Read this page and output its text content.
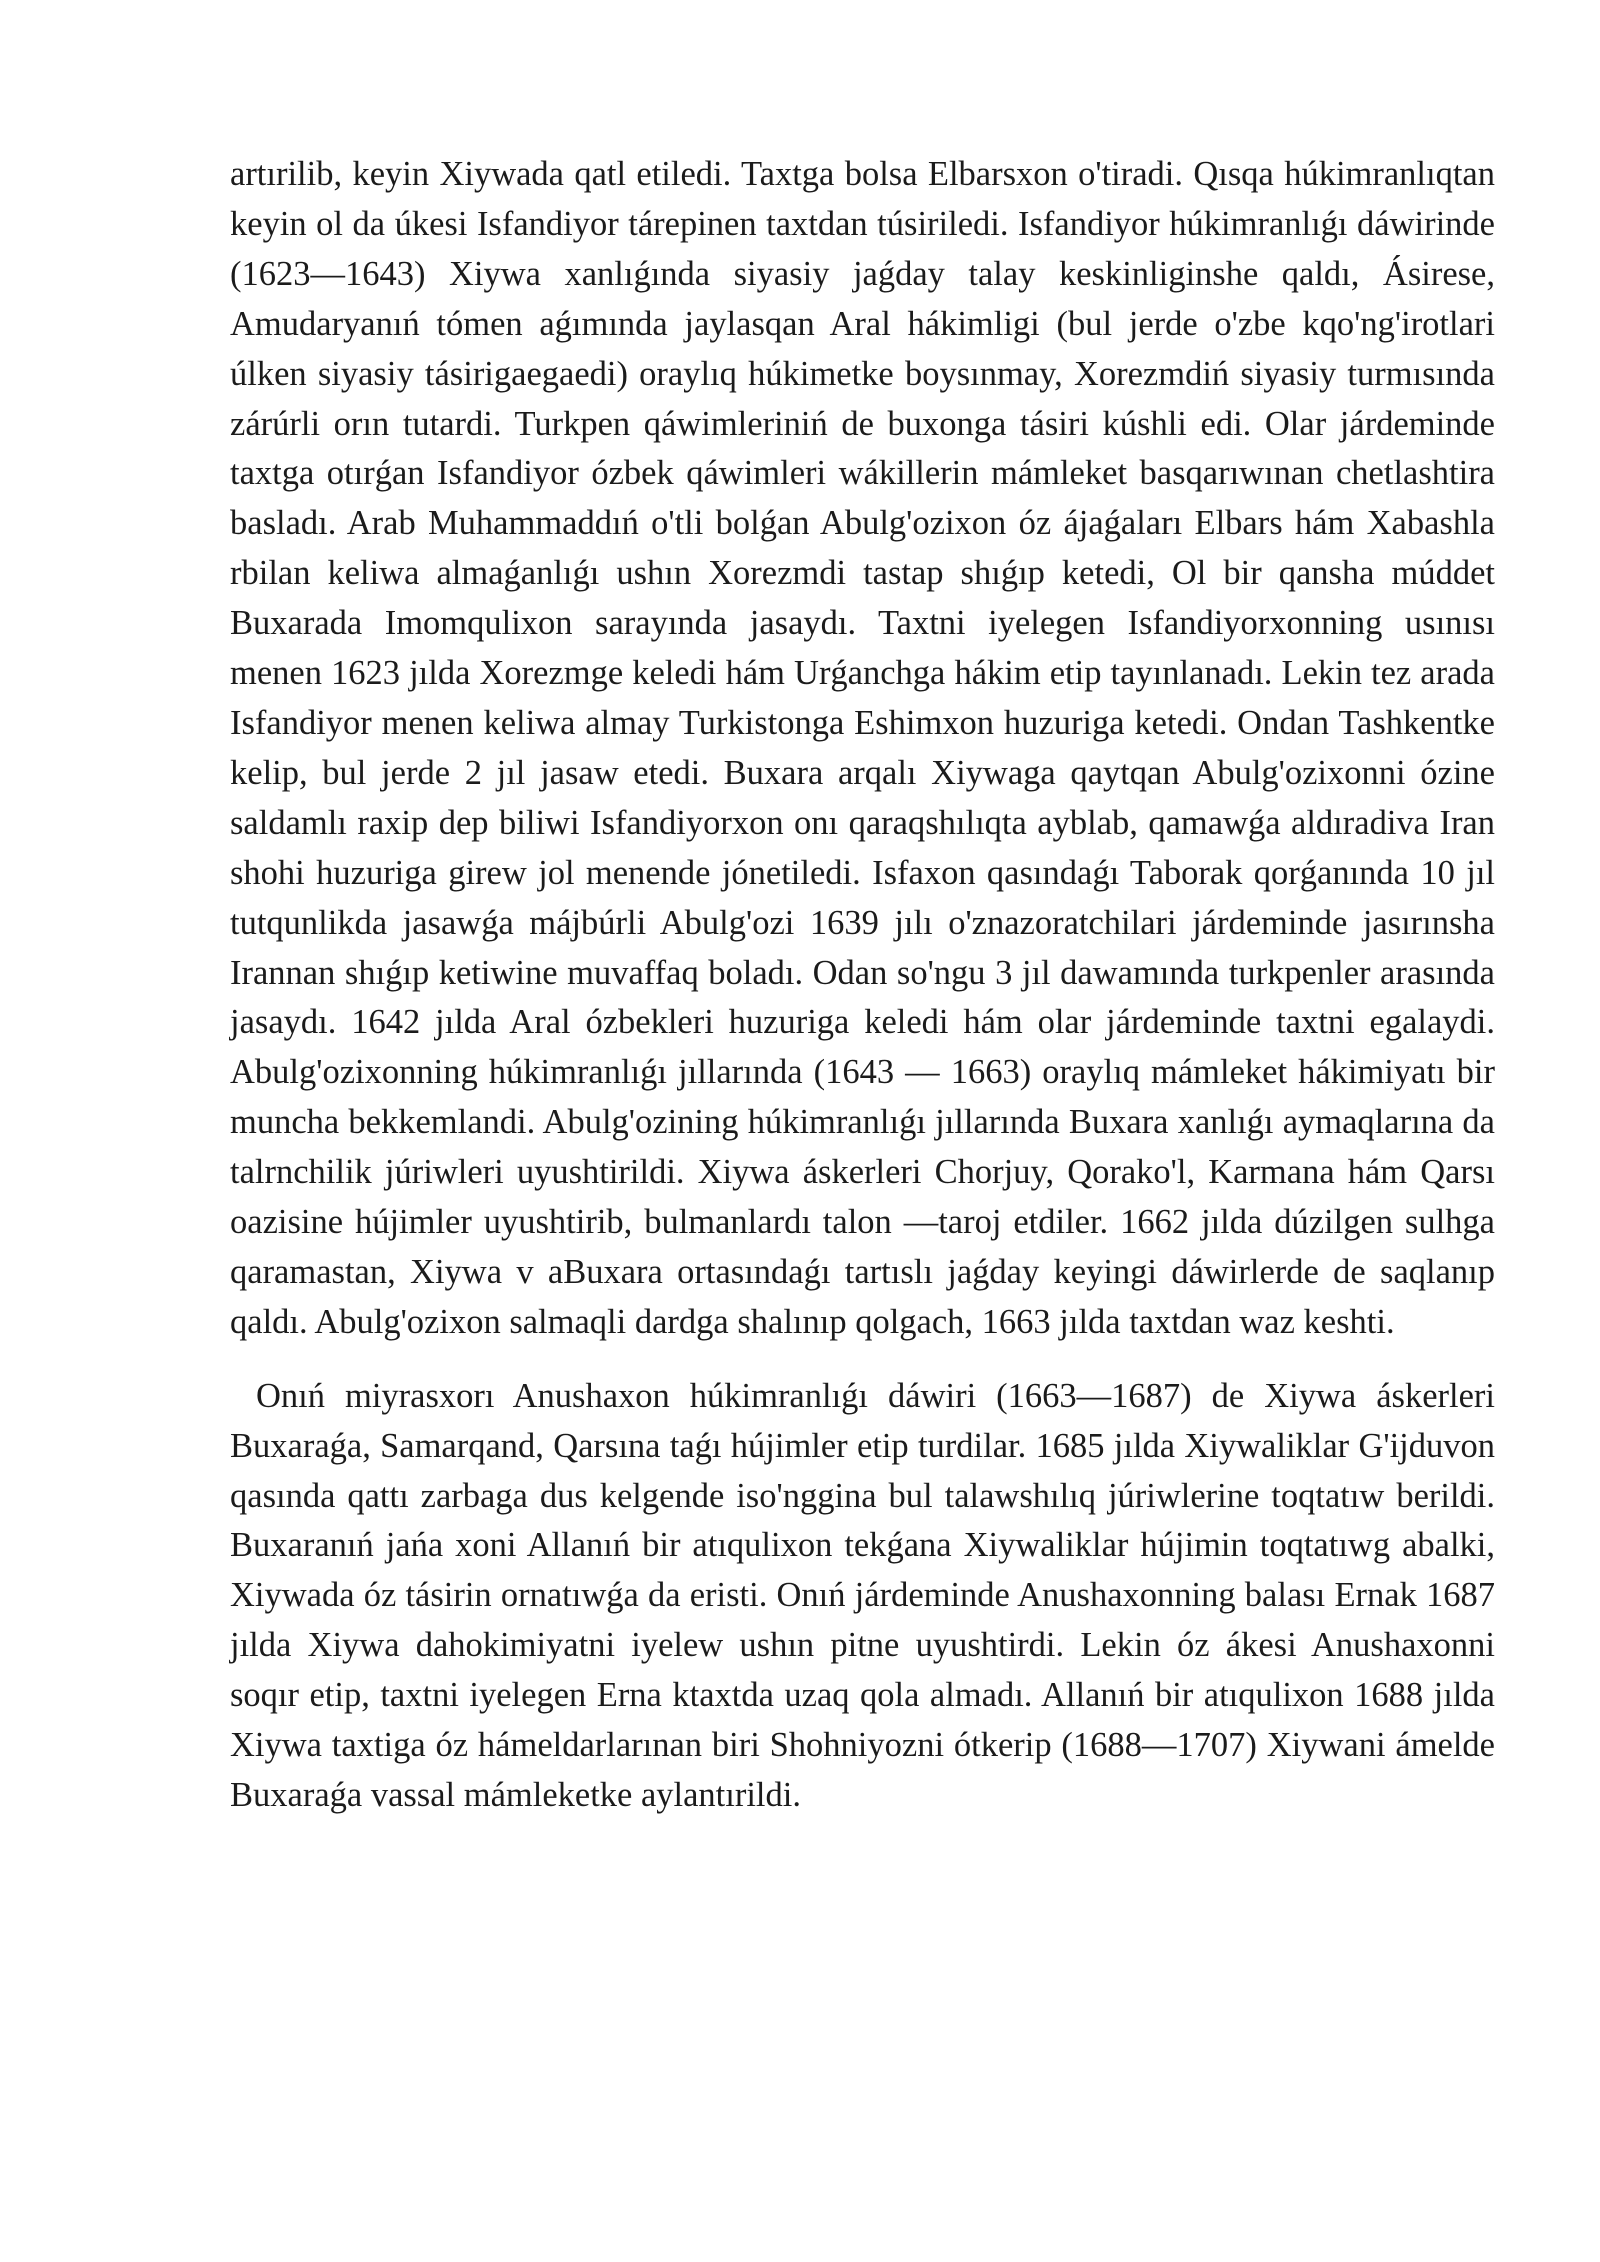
artırilib, keyin Xiywada qatl etiledi. Taxtga bolsa Elbarsxon o'tiradi. Qısqa húkimranlıqtan keyin ol da úkesi Isfandiyor tárepinen taxtdan túsiriledi. Isfandiyor húkimranlıǵı dáwirinde (1623—1643) Xiywa xanlıǵında siyasiy jaǵday talay keskinliginshe qaldı, Ásirese, Amudaryanıń tómen aǵımında jaylasqan Aral hákimligi (bul jerde o'zbe kqo'ng'irotlari úlken siyasiy tásirigaegaedi) oraylıq húkimetke boysınmay, Xorezmdiń siyasiy turmısında zárúrli orın tutardi. Turkpen qáwimleriniń de buxonga tásiri kúshli edi. Olar járdeminde taxtga otırǵan Isfandiyor ózbek qáwimleri wákillerin mámleket basqarıwınan chetlashtira basladı. Arab Muhammaddıń o'tli bolǵan Abulg'ozixon óz ájaǵaları Elbars hám Xabashla rbilan keliwa almaǵanlıǵı ushın Xorezmdi tastap shıǵıp ketedi, Ol bir qansha múddet Buxarada Imomqulixon sarayında jasaydı. Taxtni iyelegen Isfandiyorxonning usınısı menen 1623 jılda Xorezmge keledi hám Urǵanchga hákim etip tayınlanadı. Lekin tez arada Isfandiyor menen keliwa almay Turkistonga Eshimxon huzuriga ketedi. Ondan Tashkentke kelip, bul jerde 2 jıl jasaw etedi. Buxara arqalı Xiywaga qaytqan Abulg'ozixonni ózine saldamlı raxip dep biliwi Isfandiyorxon onı qaraqshılıqta ayblab, qamawǵa aldıradiva Iran shohi huzuriga girew jol menende jónetiledi. Isfaxon qasındaǵı Taborak qorǵanında 10 jıl tutqunlikda jasawǵa májbúrli Abulg'ozi 1639 jılı o'znazoratchilari járdeminde jasırınsha Irannan shıǵıp ketiwine muvaffaq boladı. Odan so'ngu 3 jıl dawamında turkpenler arasında jasaydı. 1642 jılda Aral ózbekleri huzuriga keledi hám olar járdeminde taxtni egalaydi. Abulg'ozixonning húkimranlıǵı jıllarında (1643 — 1663) oraylıq mámleket hákimiyatı bir muncha bekkemlandi. Abulg'ozining húkimranlıǵı jıllarında Buxara xanlıǵı aymaqlarına da talrnchilik júriwleri uyushtirildi. Xiywa áskerleri Chorjuy, Qorako'l, Karmana hám Qarsı oazisine hújimler uyushtirib, bulmanlardı talon —taroj etdiler. 1662 jılda dúzilgen sulhga qaramastan, Xiywa v aBuxara ortasındaǵı tartıslı jaǵday keyingi dáwirlerde de saqlanıp qaldı. Abulg'ozixon salmaqli dardga shalınıp qolgach, 1663 jılda taxtdan waz keshti.

Onıń miyrasxorı Anushaxon húkimranlıǵı dáwiri (1663—1687) de Xiywa áskerleri Buxaraǵa, Samarqand, Qarsına taǵı hújimler etip turdilar. 1685 jılda Xiywaliklar G'ijduvon qasında qattı zarbaga dus kelgende iso'nggina bul talawshılıq júriwlerine toqtatıw berildi. Buxaranıń jańa xoni Allanıń bir atıqulixon tekǵana Xiywaliklar hújimin toqtatıwg abalki, Xiywada óz tásirin ornatıwǵa da eristi. Onıń járdeminde Anushaxonning balası Ernak 1687 jılda Xiywa dahokimiyatni iyelew ushın pitne uyushtirdi. Lekin óz ákesi Anushaxonni soqır etip, taxtni iyelegen Erna ktaxtda uzaq qola almadı. Allanıń bir atıqulixon 1688 jılda Xiywa taxtiga óz hámeldarlarınan biri Shohniyozni ótkerip (1688—1707) Xiywani ámelde Buxaraǵa vassal mámleketke aylantırildi.
